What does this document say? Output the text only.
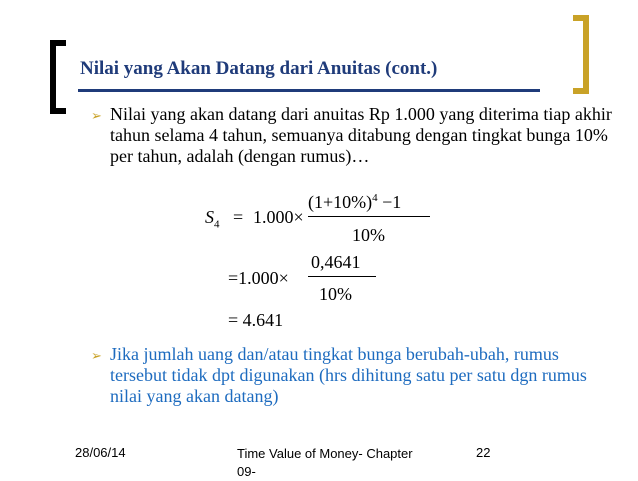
Nilai yang Akan Datang dari Anuitas (cont.)
➢ Nilai yang akan datang dari anuitas Rp 1.000 yang diterima tiap akhir tahun selama 4 tahun, semuanya ditabung dengan tingkat bunga 10% per tahun, adalah (dengan rumus)…
$S_4 = 1.000\times$
$(1+10\%)^4 -1$
10%
=1.000×
0,4641
10%
= 4.641
➢ Jika jumlah uang dan/atau tingkat bunga berubah-ubah, rumus tersebut tidak dpt digunakan (hrs dihitung satu per satu dgn rumus nilai yang akan datang)
28/06/14	Time Value of Money- Chapter 09-
22
